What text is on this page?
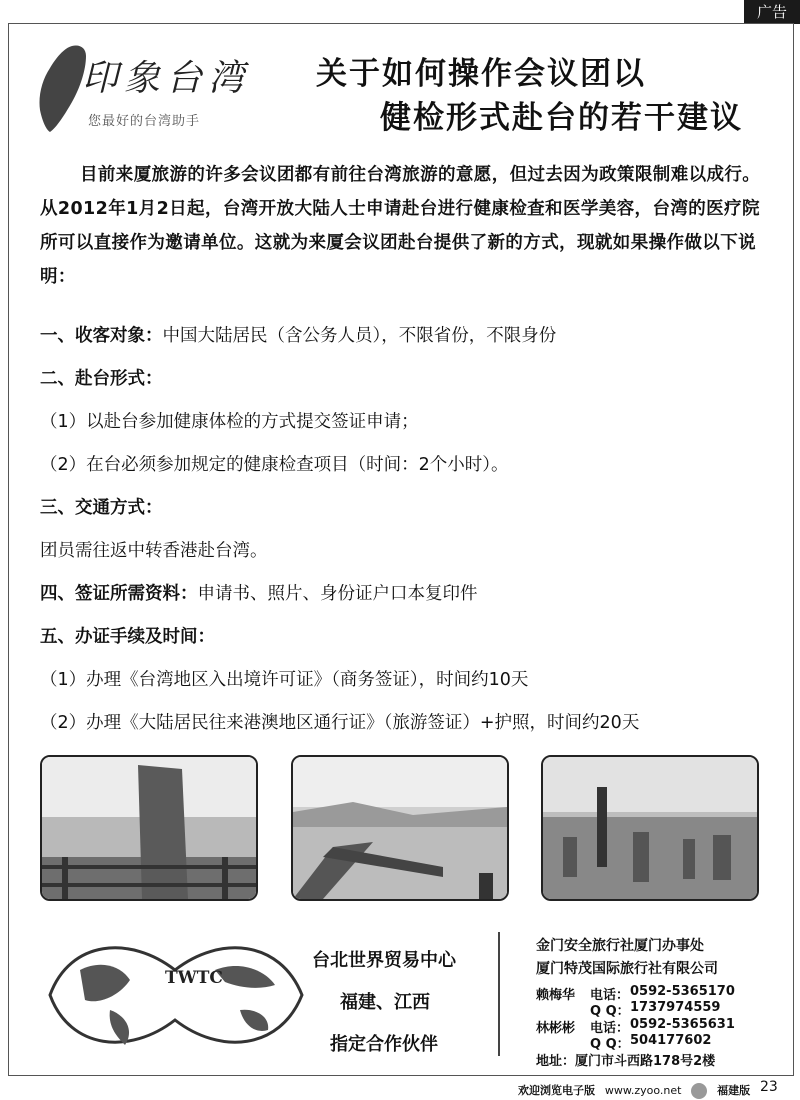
广告
印象台湾
您最好的台湾助手
关于如何操作会议团以
健检形式赴台的若干建议
目前来厦旅游的许多会议团都有前往台湾旅游的意愿，但过去因为政策限制难以成行。从2012年1月2日起，台湾开放大陆人士申请赴台进行健康检查和医学美容，台湾的医疗院所可以直接作为邀请单位。这就为来厦会议团赴台提供了新的方式，现就如果操作做以下说明：
一、收客对象：中国大陆居民（含公务人员），不限省份，不限身份
二、赴台形式：
（1）以赴台参加健康体检的方式提交签证申请；
（2）在台必须参加规定的健康检查项目（时间：2个小时）。
三、交通方式：
团员需往返中转香港赴台湾。
四、签证所需资料：申请书、照片、身份证户口本复印件
五、办证手续及时间：
（1）办理《台湾地区入出境许可证》（商务签证），时间约10天
（2）办理《大陆居民往来港澳地区通行证》（旅游签证）+护照，时间约20天
TWTC
台北世界贸易中心
福建、江西
指定合作伙伴
金门安全旅行社厦门办事处
厦门特茂国际旅行社有限公司
赖梅华 电话： 0592-5365170
Q Q： 1737974559
林彬彬 电话： 0592-5365631
Q Q： 504177602
地址：厦门市斗西路178号2楼
欢迎浏览电子版 www.zyoo.net	福建版 23
